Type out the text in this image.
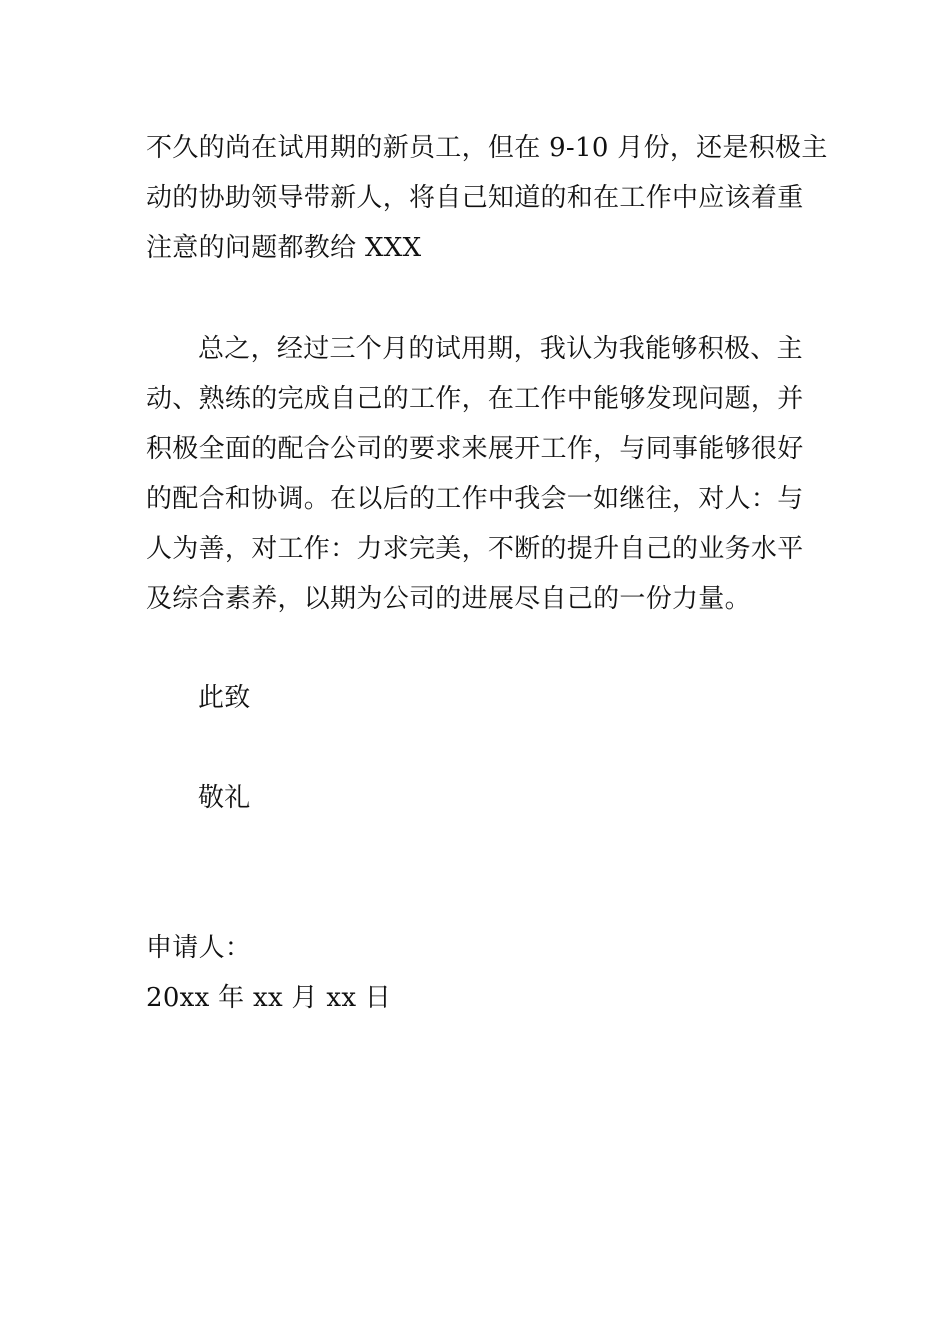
不久的尚在试用期的新员工，但在 9-10 月份，还是积极主
动的协助领导带新人，将自己知道的和在工作中应该着重
注意的问题都教给 XXX
总之，经过三个月的试用期，我认为我能够积极、主
动、熟练的完成自己的工作，在工作中能够发现问题，并
积极全面的配合公司的要求来展开工作，与同事能够很好
的配合和协调。在以后的工作中我会一如继往，对人：与
人为善，对工作：力求完美，不断的提升自己的业务水平
及综合素养，以期为公司的进展尽自己的一份力量。
此致
敬礼
申请人：
20xx 年 xx 月 xx 日
